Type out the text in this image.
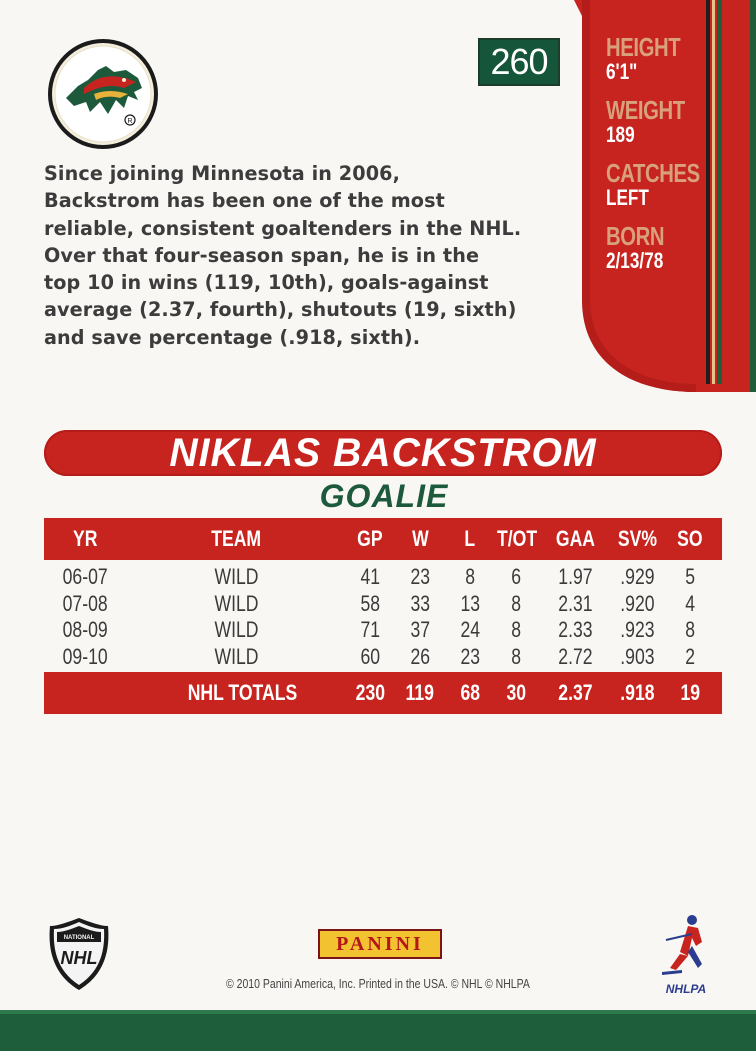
R
260	HEIGHT
6'1"
WEIGHT
189
CATCHES
LEFT
BORN
2/13/78
Since joining Minnesota in 2006,
Backstrom has been one of the most
reliable, consistent goaltenders in the NHL.
Over that four-season span, he is in the
top 10 in wins (119, 10th), goals-against
average (2.37, fourth), shutouts (19, sixth)
and save percentage (.918, sixth).
NIKLAS BACKSTROM
GOALIE
YR	TEAM	GP	W	L T/OT GAA	SV% SO
06-07	WILD	41	23	8	6	1.97	.929	5
07-08	WILD	58	33	13	8	2.31	.920	4
08-09	WILD	71	37	24	8	2.33	.923	8
09-10	WILD	60	26	23	8	2.72	.903	2
NHL TOTALS	230 119	68	30	2.37	.918	19
NATIONAL
NHL
PANINI
© 2010 Panini America, Inc. Printed in the USA. © NHL © NHLPA	NHLPA
